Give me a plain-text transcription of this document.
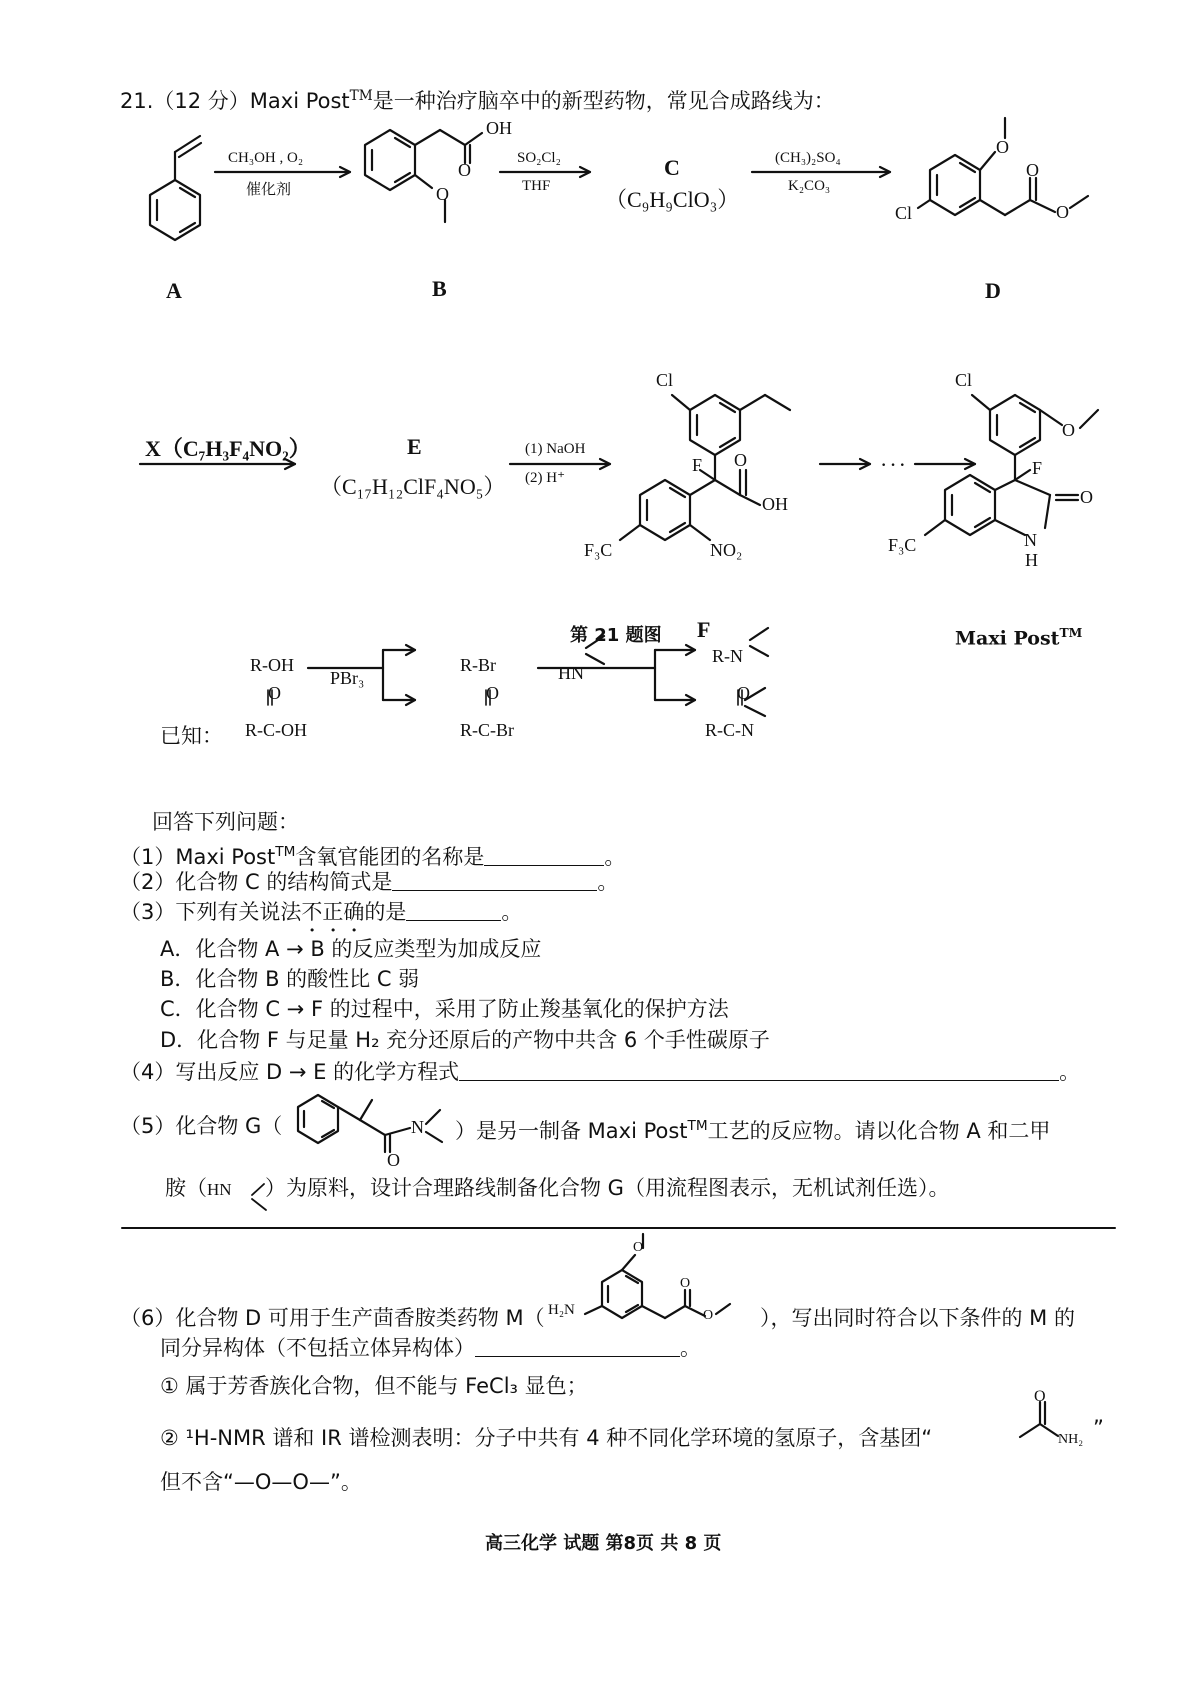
21.（12 分）Maxi Post™是一种治疗脑卒中的新型药物，常见合成路线为：
CH₃OH , O₂
催化剂
OH
O
O
SO₂Cl₂
THF
C
（C₉H₉ClO₃）
(CH₃)₂SO₄
K₂CO₃
O
O
O
Cl
A	B	D
X（C₇H₃F₄NO₂）	E
（C₁₇H₁₂ClF₄NO₅）
(1) NaOH
(2) H⁺
Cl
F O
OH
F₃C	NO₂
···
Cl
O
F
O
N
H
F₃C
第 21 题图 F	Maxi Post™
O
R-OH
已知： R-C-OH
PBr₃
R-Br
O
R-C-Br
HN
R-N
O
R-C-N
回答下列问题：
（1）Maxi Post™含氧官能团的名称是	。
（2）化合物 C 的结构简式是	。
（3）下列有关说法不正确的是	。
A．化合物 A → B 的反应类型为加成反应
B．化合物 B 的酸性比 C 弱
C．化合物 C → F 的过程中，采用了防止羧基氧化的保护方法
D．化合物 F 与足量 H₂ 充分还原后的产物中共含 6 个手性碳原子
（4）写出反应 D → E 的化学方程式	。
（5）化合物 G（
O
N ）是另一制备 Maxi Post™工艺的反应物。请以化合物 A 和二甲
胺（HN ）为原料，设计合理路线制备化合物 G（用流程图表示，无机试剂任选）。
（6）化合物 D 可用于生产茴香胺类药物 M（ H₂N
O
O
O ），写出同时符合以下条件的 M 的
同分异构体（不包括立体异构体）	。
① 属于芳香族化合物，但不能与 FeCl₃ 显色；
② ¹H-NMR 谱和 IR 谱检测表明：分子中共有 4 种不同化学环境的氢原子，含基团“
O
NH₂ ”
但不含“—O—O—”。
高三化学 试题 第8页 共 8 页
